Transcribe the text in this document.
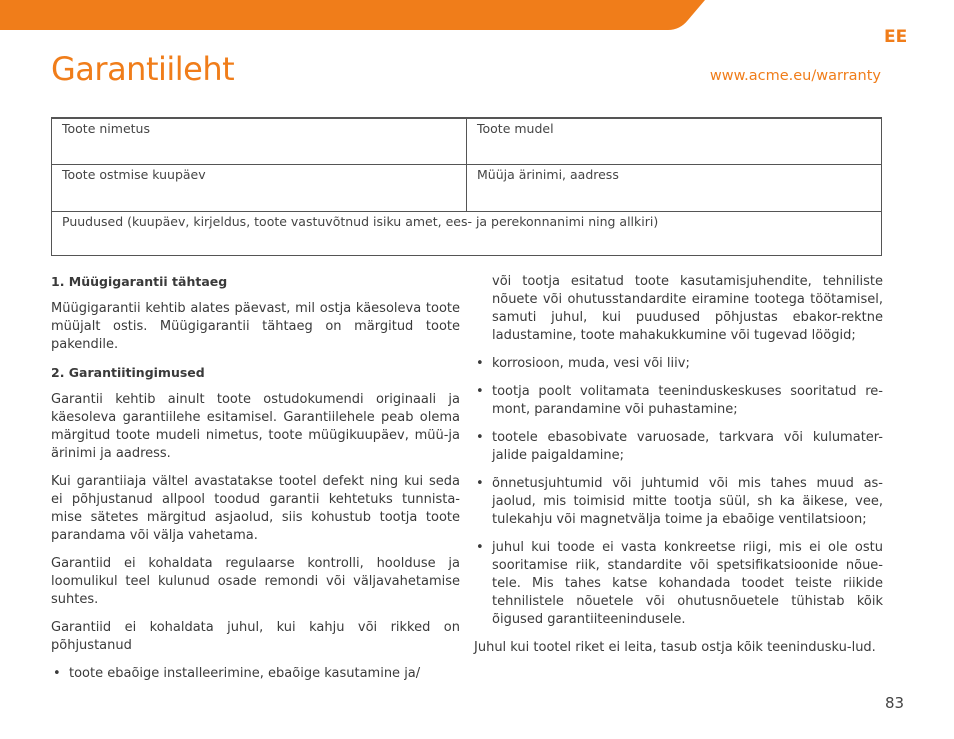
EE
Garantiileht	www.acme.eu/warranty
Toote nimetus	Toote mudel
Toote ostmise kuupäev	Müüja ärinimi, aadress
Puudused (kuupäev, kirjeldus, toote vastuvõtnud isiku amet, ees- ja perekonnanimi ning allkiri)
1. Müügigarantii tähtaeg

Müügigarantii kehtib alates päevast, mil ostja käesoleva toote müüjalt ostis. Müügigarantii tähtaeg on märgitud toote pakendile.

2. Garantiitingimused

Garantii kehtib ainult toote ostudokumendi originaali ja käesoleva garantiilehe esitamisel. Garantiilehele peab olema märgitud toote mudeli nimetus, toote müügikuupäev, müü-ja ärinimi ja aadress.

Kui garantiiaja vältel avastatakse tootel defekt ning kui seda ei põhjustanud allpool toodud garantii kehtetuks tunnista-mise sätetes märgitud asjaolud, siis kohustub tootja toote parandama või välja vahetama.

Garantiid ei kohaldata regulaarse kontrolli, hoolduse ja loomulikul teel kulunud osade remondi või väljavahetamise suhtes.

Garantiid ei kohaldata juhul, kui kahju või rikked on põhjustanud

• toote ebaõige installeerimine, ebaõige kasutamine ja/
või tootja esitatud toote kasutamisjuhendite, tehniliste nõuete või ohutusstandardite eiramine tootega töötamisel, samuti juhul, kui puudused põhjustas ebakor-rektne ladustamine, toote mahakukkumine või tugevad löögid;
• korrosioon, muda, vesi või liiv;
• tootja poolt volitamata teeninduskeskuses sooritatud re-mont, parandamine või puhastamine;
• tootele ebasobivate varuosade, tarkvara või kulumater-jalide paigaldamine;
• õnnetusjuhtumid või juhtumid või mis tahes muud as-jaolud, mis toimisid mitte tootja süül, sh ka äikese, vee, tulekahju või magnetvälja toime ja ebaõige ventilatsioon;
• juhul kui toode ei vasta konkreetse riigi, mis ei ole ostu sooritamise riik, standardite või spetsifikatsioonide nõue-tele. Mis tahes katse kohandada toodet teiste riikide tehnilistele nõuetele või ohutusnõuetele tühistab kõik õigused garantiiteenindusele.

Juhul kui tootel riket ei leita, tasub ostja kõik teenindusku-lud.

83
